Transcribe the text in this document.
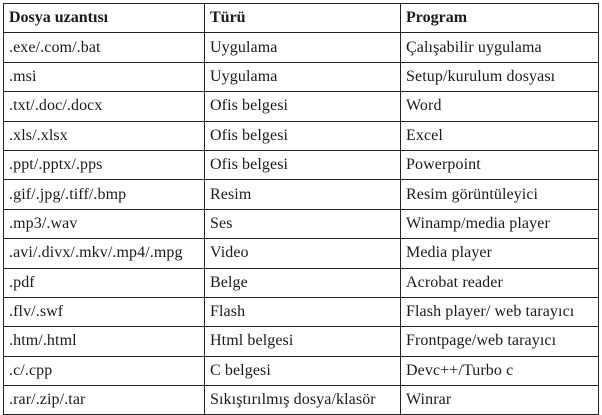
Dosya uzantısı	Türü	Program
.exe/.com/.bat	Uygulama	Çalışabilir uygulama
.msi	Uygulama	Setup/kurulum dosyası
.txt/.doc/.docx	Ofis belgesi	Word
.xls/.xlsx	Ofis belgesi	Excel
.ppt/.pptx/.pps	Ofis belgesi	Powerpoint
.gif/.jpg/.tiff/.bmp	Resim	Resim görüntüleyici
.mp3/.wav	Ses	Winamp/media player
.avi/.divx/.mkv/.mp4/.mpg	Video	Media player
.pdf	Belge	Acrobat reader
.flv/.swf	Flash	Flash player/ web tarayıcı
.htm/.html	Html belgesi	Frontpage/web tarayıcı
.c/.cpp	C belgesi	Devc++/Turbo c
.rar/.zip/.tar	Sıkıştırılmış dosya/klasör	Winrar
